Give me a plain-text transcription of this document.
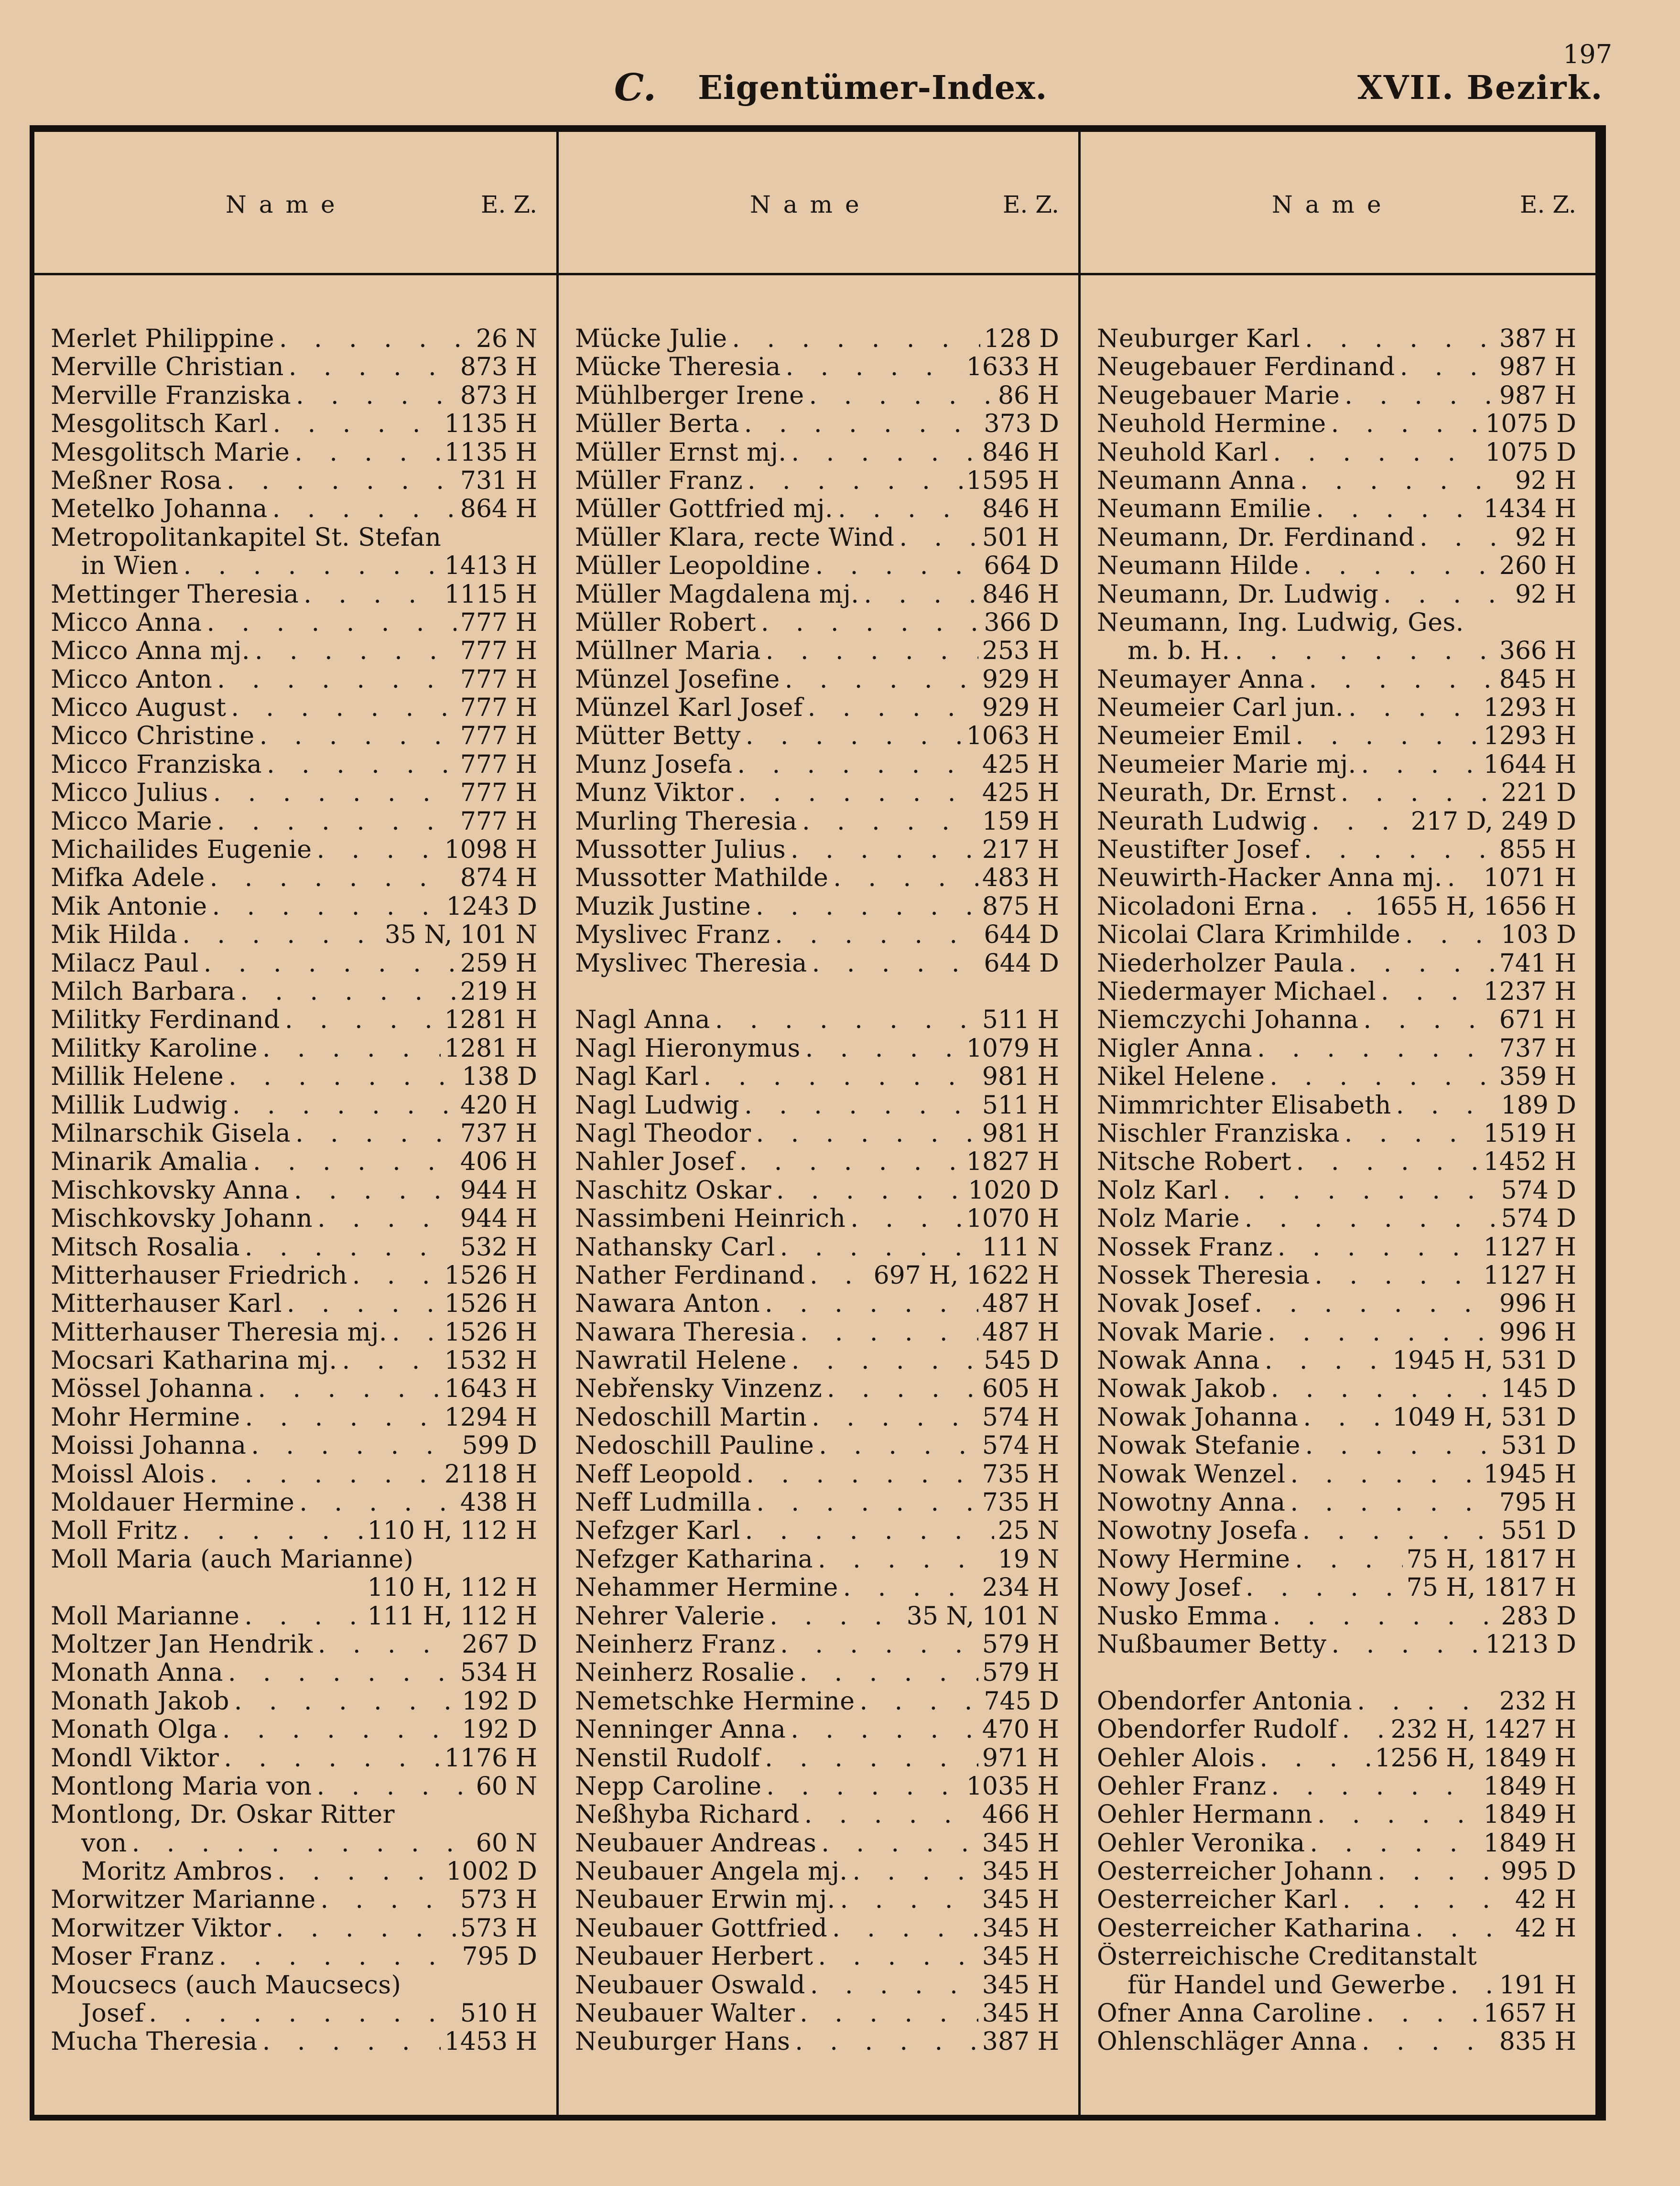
197
C. Eigentümer-Index.	XVII. Bezirk.
Name	E. Z.
Merlet Philippine . . .	26 N
Merville Christian . . .	873 H
Merville Franziska . . .	873 H
Mesgolitsch Karl . . .	1135 H
Mesgolitsch Marie . . .	1135 H
Meßner Rosa . . .	731 H
Metelko Johanna . . .	864 H
Metropolitankapitel St. Stefan
in Wien . . .	1413 H
Mettinger Theresia . . .	1115 H
Micco Anna . . .	777 H
Micco Anna mj. . . .	777 H
Micco Anton . . .	777 H
Micco August . . .	777 H
Micco Christine . . .	777 H
Micco Franziska . . .	777 H
Micco Julius . . .	777 H
Micco Marie . . .	777 H
Michailides Eugenie . . .	1098 H
Mifka Adele . . .	874 H
Mik Antonie . . .	1243 D
Mik Hilda . . .	35 N, 101 N
Milacz Paul . . .	259 H
Milch Barbara . . .	219 H
Militky Ferdinand . . .	1281 H
Militky Karoline . . .	1281 H
Millik Helene . . .	138 D
Millik Ludwig . . .	420 H
Milnarschik Gisela . . .	737 H
Minarik Amalia . . .	406 H
Mischkovsky Anna . . .	944 H
Mischkovsky Johann . . .	944 H
Mitsch Rosalia . . .	532 H
Mitterhauser Friedrich . . .	1526 H
Mitterhauser Karl . . .	1526 H
Mitterhauser Theresia mj. . . . 1526 H
Mocsari Katharina mj. . . .	1532 H
Mössel Johanna . . .	1643 H
Mohr Hermine . . .	1294 H
Moissi Johanna . . .	599 D
Moissl Alois . . .	2118 H
Moldauer Hermine . . .	438 H
Moll Fritz . . .	110 H, 112 H
Moll Maria (auch Marianne)
110 H, 112 H
Moll Marianne . . .	111 H, 112 H
Moltzer Jan Hendrik . . .	267 D
Monath Anna . . .	534 H
Monath Jakob . . .	192 D
Monath Olga . . .	192 D
Mondl Viktor . . .	1176 H
Montlong Maria von . . .	60 N
Montlong, Dr. Oskar Ritter
von . . .	60 N
Moritz Ambros . . .	1002 D
Morwitzer Marianne . . .	573 H
Morwitzer Viktor . . .	573 H
Moser Franz . . .	795 D
Moucsecs (auch Maucsecs)
Josef . . .	510 H
Mucha Theresia . . .	1453 H
Name	E. Z.
Mücke Julie . . .	128 D
Mücke Theresia . . .	1633 H
Mühlberger Irene . . .	86 H
Müller Berta . . .	373 D
Müller Ernst mj. . . .	846 H
Müller Franz . . .	1595 H
Müller Gottfried mj. . . .	846 H
Müller Klara, recte Wind . . .	501 H
Müller Leopoldine . . .	664 D
Müller Magdalena mj. . . .	846 H
Müller Robert . . .	366 D
Müllner Maria . . .	253 H
Münzel Josefine . . .	929 H
Münzel Karl Josef . . .	929 H
Mütter Betty . . .	1063 H
Munz Josefa . . .	425 H
Munz Viktor . . .	425 H
Murling Theresia . . .	159 H
Mussotter Julius . . .	217 H
Mussotter Mathilde . . .	483 H
Muzik Justine . . .	875 H
Myslivec Franz . . .	644 D
Myslivec Theresia . . .	644 D
Nagl Anna . . .	511 H
Nagl Hieronymus . . .	1079 H
Nagl Karl . . .	981 H
Nagl Ludwig . . .	511 H
Nagl Theodor . . .	981 H
Nahler Josef . . .	1827 H
Naschitz Oskar . . .	1020 D
Nassimbeni Heinrich . . .	1070 H
Nathansky Carl . . .	111 N
Nather Ferdinand . . .	697 H, 1622 H
Nawara Anton . . .	487 H
Nawara Theresia . . .	487 H
Nawratil Helene . . .	545 D
Nebřensky Vinzenz . . .	605 H
Nedoschill Martin . . .	574 H
Nedoschill Pauline . . .	574 H
Neff Leopold . . .	735 H
Neff Ludmilla . . .	735 H
Nefzger Karl . . .	25 N
Nefzger Katharina . . .	19 N
Nehammer Hermine . . .	234 H
Nehrer Valerie . . .	35 N, 101 N
Neinherz Franz . . .	579 H
Neinherz Rosalie . . .	579 H
Nemetschke Hermine . . .	745 D
Nenninger Anna . . .	470 H
Nenstil Rudolf . . .	971 H
Nepp Caroline . . .	1035 H
Neßhyba Richard . . .	466 H
Neubauer Andreas . . .	345 H
Neubauer Angela mj. . . .	345 H
Neubauer Erwin mj. . . .	345 H
Neubauer Gottfried . . .	345 H
Neubauer Herbert . . .	345 H
Neubauer Oswald . . .	345 H
Neubauer Walter . . .	345 H
Neuburger Hans . . .	387 H
Name	E. Z.
Neuburger Karl . . .	387 H
Neugebauer Ferdinand . . .	987 H
Neugebauer Marie . . .	987 H
Neuhold Hermine . . .	1075 D
Neuhold Karl . . .	1075 D
Neumann Anna . . .	92 H
Neumann Emilie . . .	1434 H
Neumann, Dr. Ferdinand . . .	92 H
Neumann Hilde . . .	260 H
Neumann, Dr. Ludwig . . .	92 H
Neumann, Ing. Ludwig, Ges.
m. b. H. . . .	366 H
Neumayer Anna . . .	845 H
Neumeier Carl jun. . . .	1293 H
Neumeier Emil . . .	1293 H
Neumeier Marie mj. . . .	1644 H
Neurath, Dr. Ernst . . .	221 D
Neurath Ludwig . . .	217 D, 249 D
Neustifter Josef . . .	855 H
Neuwirth-Hacker Anna mj. . . . 1071 H
Nicoladoni Erna . . .	1655 H, 1656 H
Nicolai Clara Krimhilde . . .	103 D
Niederholzer Paula . . .	741 H
Niedermayer Michael . . .	1237 H
Niemczychi Johanna . . .	671 H
Nigler Anna . . .	737 H
Nikel Helene . . .	359 H
Nimmrichter Elisabeth . . .	189 D
Nischler Franziska . . .	1519 H
Nitsche Robert . . .	1452 H
Nolz Karl . . .	574 D
Nolz Marie . . .	574 D
Nossek Franz . . .	1127 H
Nossek Theresia . . .	1127 H
Novak Josef . . .	996 H
Novak Marie . . .	996 H
Nowak Anna . . .	1945 H, 531 D
Nowak Jakob . . .	145 D
Nowak Johanna . . .	1049 H, 531 D
Nowak Stefanie . . .	531 D
Nowak Wenzel . . .	1945 H
Nowotny Anna . . .	795 H
Nowotny Josefa . . .	551 D
Nowy Hermine . . .	75 H, 1817 H
Nowy Josef . . .	75 H, 1817 H
Nusko Emma . . .	283 D
Nußbaumer Betty . . .	1213 D
Obendorfer Antonia . . .	232 H
Obendorfer Rudolf . . . 232 H, 1427 H
Oehler Alois . . .	1256 H, 1849 H
Oehler Franz . . .	1849 H
Oehler Hermann . . .	1849 H
Oehler Veronika . . .	1849 H
Oesterreicher Johann . . .	995 D
Oesterreicher Karl . . .	42 H
Oesterreicher Katharina . . .	42 H
Österreichische Creditanstalt
für Handel und Gewerbe . . . 191 H
Ofner Anna Caroline . . .	1657 H
Ohlenschläger Anna . . .	835 H
